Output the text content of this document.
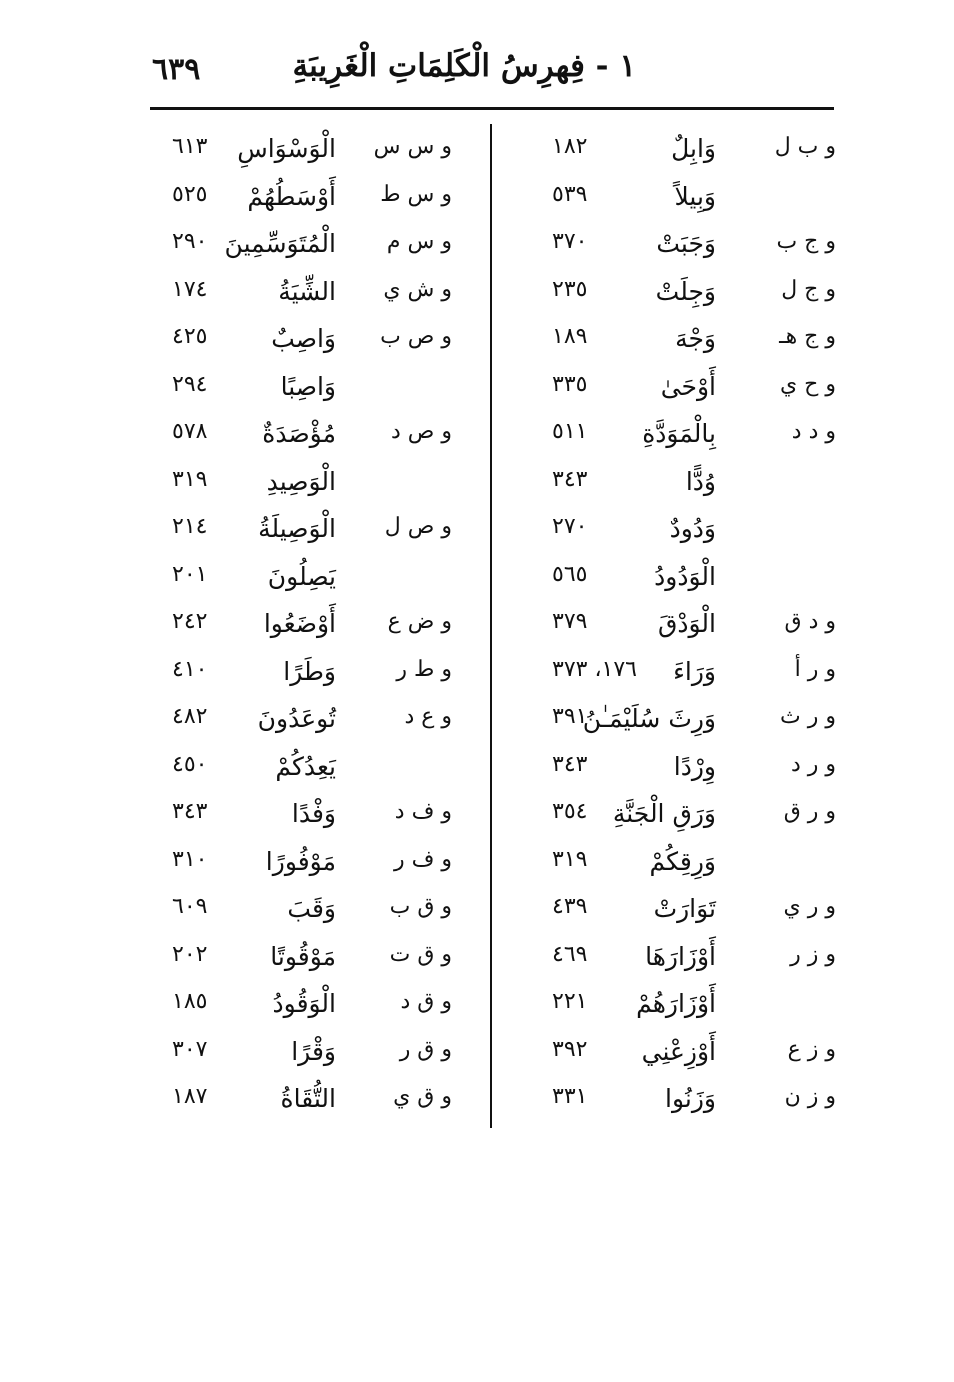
١ - فِهرِسُ الْكَلِمَاتِ الْغَرِيبَةِ
٦٣٩
و ب ل
وَابِلٌ
١٨٢
وَبِيلاً
٥٣٩
و ج ب
وَجَبَتْ
٣٧٠
و ج ل
وَجِلَتْ
٢٣٥
و ج هـ
وَجْهَ
١٨٩
و ح ي
أَوْحَىٰ
٣٣٥
و د د
بِالْمَوَدَّةِ
٥١١
وُدًّا
٣٤٣
وَدُودٌ
٢٧٠
الْوَدُودُ
٥٦٥
و د ق
الْوَدْقَ
٣٧٩
و ر أ
وَرَاءَ
١٧٦، ٣٧٣
و ر ث
وَرِثَ سُلَيْمَـٰنُ
٣٩١
و ر د
وِرْدًا
٣٤٣
و ر ق
وَرَقِ الْجَنَّةِ
٣٥٤
وَرِقِكُمْ
٣١٩
و ر ي
تَوَارَتْ
٤٣٩
و ز ر
أَوْزَارَهَا
٤٦٩
أَوْزَارَهُمْ
٢٢١
و ز ع
أَوْزِعْنِي
٣٩٢
و ز ن
وَزَنُوا
٣٣١
و س س
الْوَسْوَاسِ
٦١٣
و س ط
أَوْسَطُهُمْ
٥٢٥
و س م
الْمُتَوَسِّمِينَ
٢٩٠
و ش ي
الشِّيَةُ
١٧٤
و ص ب
وَاصِبٌ
٤٢٥
وَاصِبًا
٢٩٤
و ص د
مُؤْصَدَةٌ
٥٧٨
الْوَصِيدِ
٣١٩
و ص ل
الْوَصِيلَةُ
٢١٤
يَصِلُونَ
٢٠١
و ض ع
أَوْضَعُوا
٢٤٢
و ط ر
وَطَرًا
٤١٠
و ع د
تُوعَدُونَ
٤٨٢
يَعِدُكُمْ
٤٥٠
و ف د
وَفْدًا
٣٤٣
و ف ر
مَوْفُورًا
٣١٠
و ق ب
وَقَبَ
٦٠٩
و ق ت
مَوْقُوتًا
٢٠٢
و ق د
الْوَقُودُ
١٨٥
و ق ر
وَقْرًا
٣٠٧
و ق ي
التُّقَاةُ
١٨٧
